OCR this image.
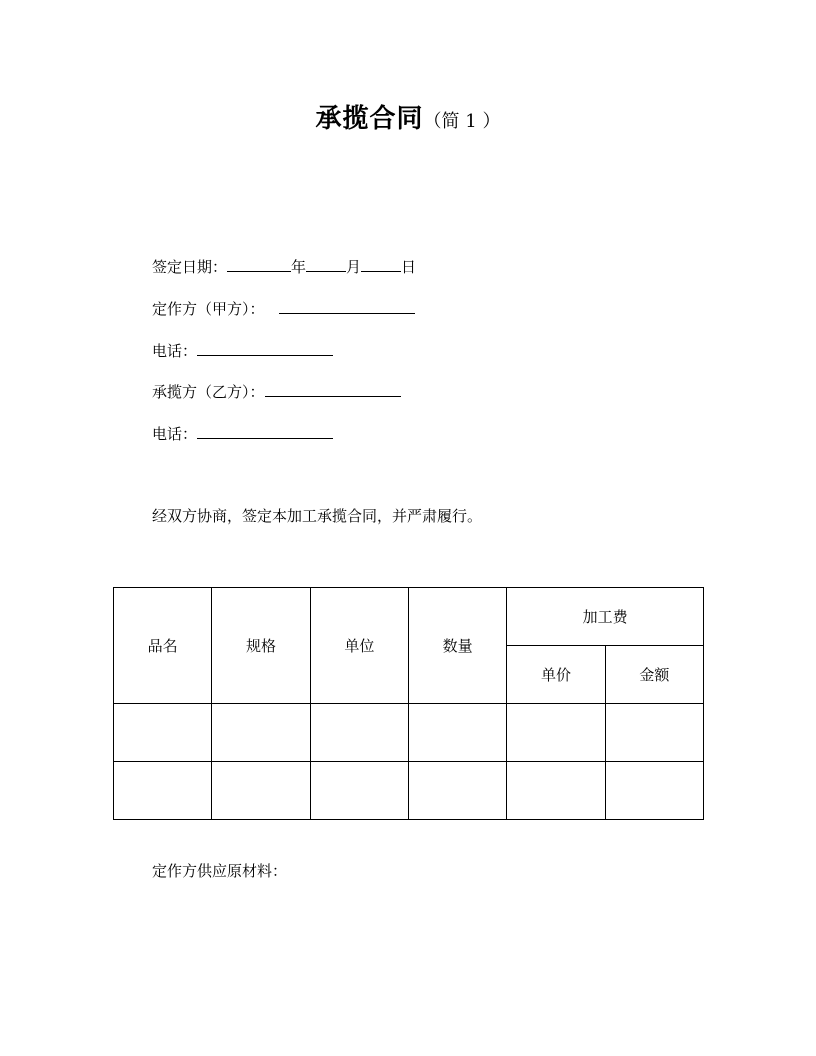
承揽合同（简 1 ）
签定日期：	年	月	日
定作方（甲方）：
电话：
承揽方（乙方）：
电话：
经双方协商，签定本加工承揽合同，并严肃履行。
品名	规格	单位	数量	加工费	
				单价	金额

定作方供应原材料：
